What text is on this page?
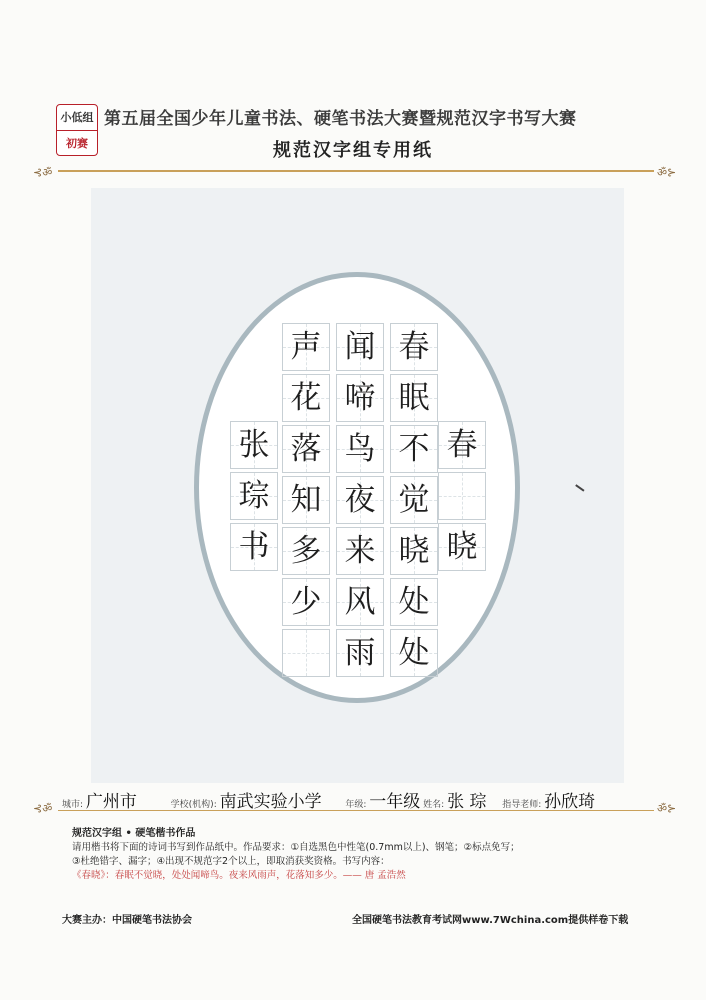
小低组
初赛
第五届全国少年儿童书法、硬笔书法大赛暨规范汉字书写大赛
规范汉字组专用纸
⊰ॐ	ॐ⊱
声 闻 春
花 啼 眠
落 鸟 不
知 夜 觉
多 来 晓
少 风 处
雨 处
张
琮
书
春
晓
⊰ॐ 城市: 广州市	学校(机构): 南武实验小学	年级: 一年级 姓名: 张 琮 指导老师: 孙欣琦	ॐ⊱
规范汉字组 • 硬笔楷书作品
请用楷书将下面的诗词书写到作品纸中。作品要求：①自选黑色中性笔(0.7mm以上)、钢笔；②标点免写；
③杜绝错字、漏字；④出现不规范字2个以上，即取消获奖资格。书写内容：
《春晓》：春眠不觉晓，处处闻啼鸟。夜来风雨声，花落知多少。—— 唐 孟浩然
大赛主办：中国硬笔书法协会	全国硬笔书法教育考试网www.7Wchina.com提供样卷下载
